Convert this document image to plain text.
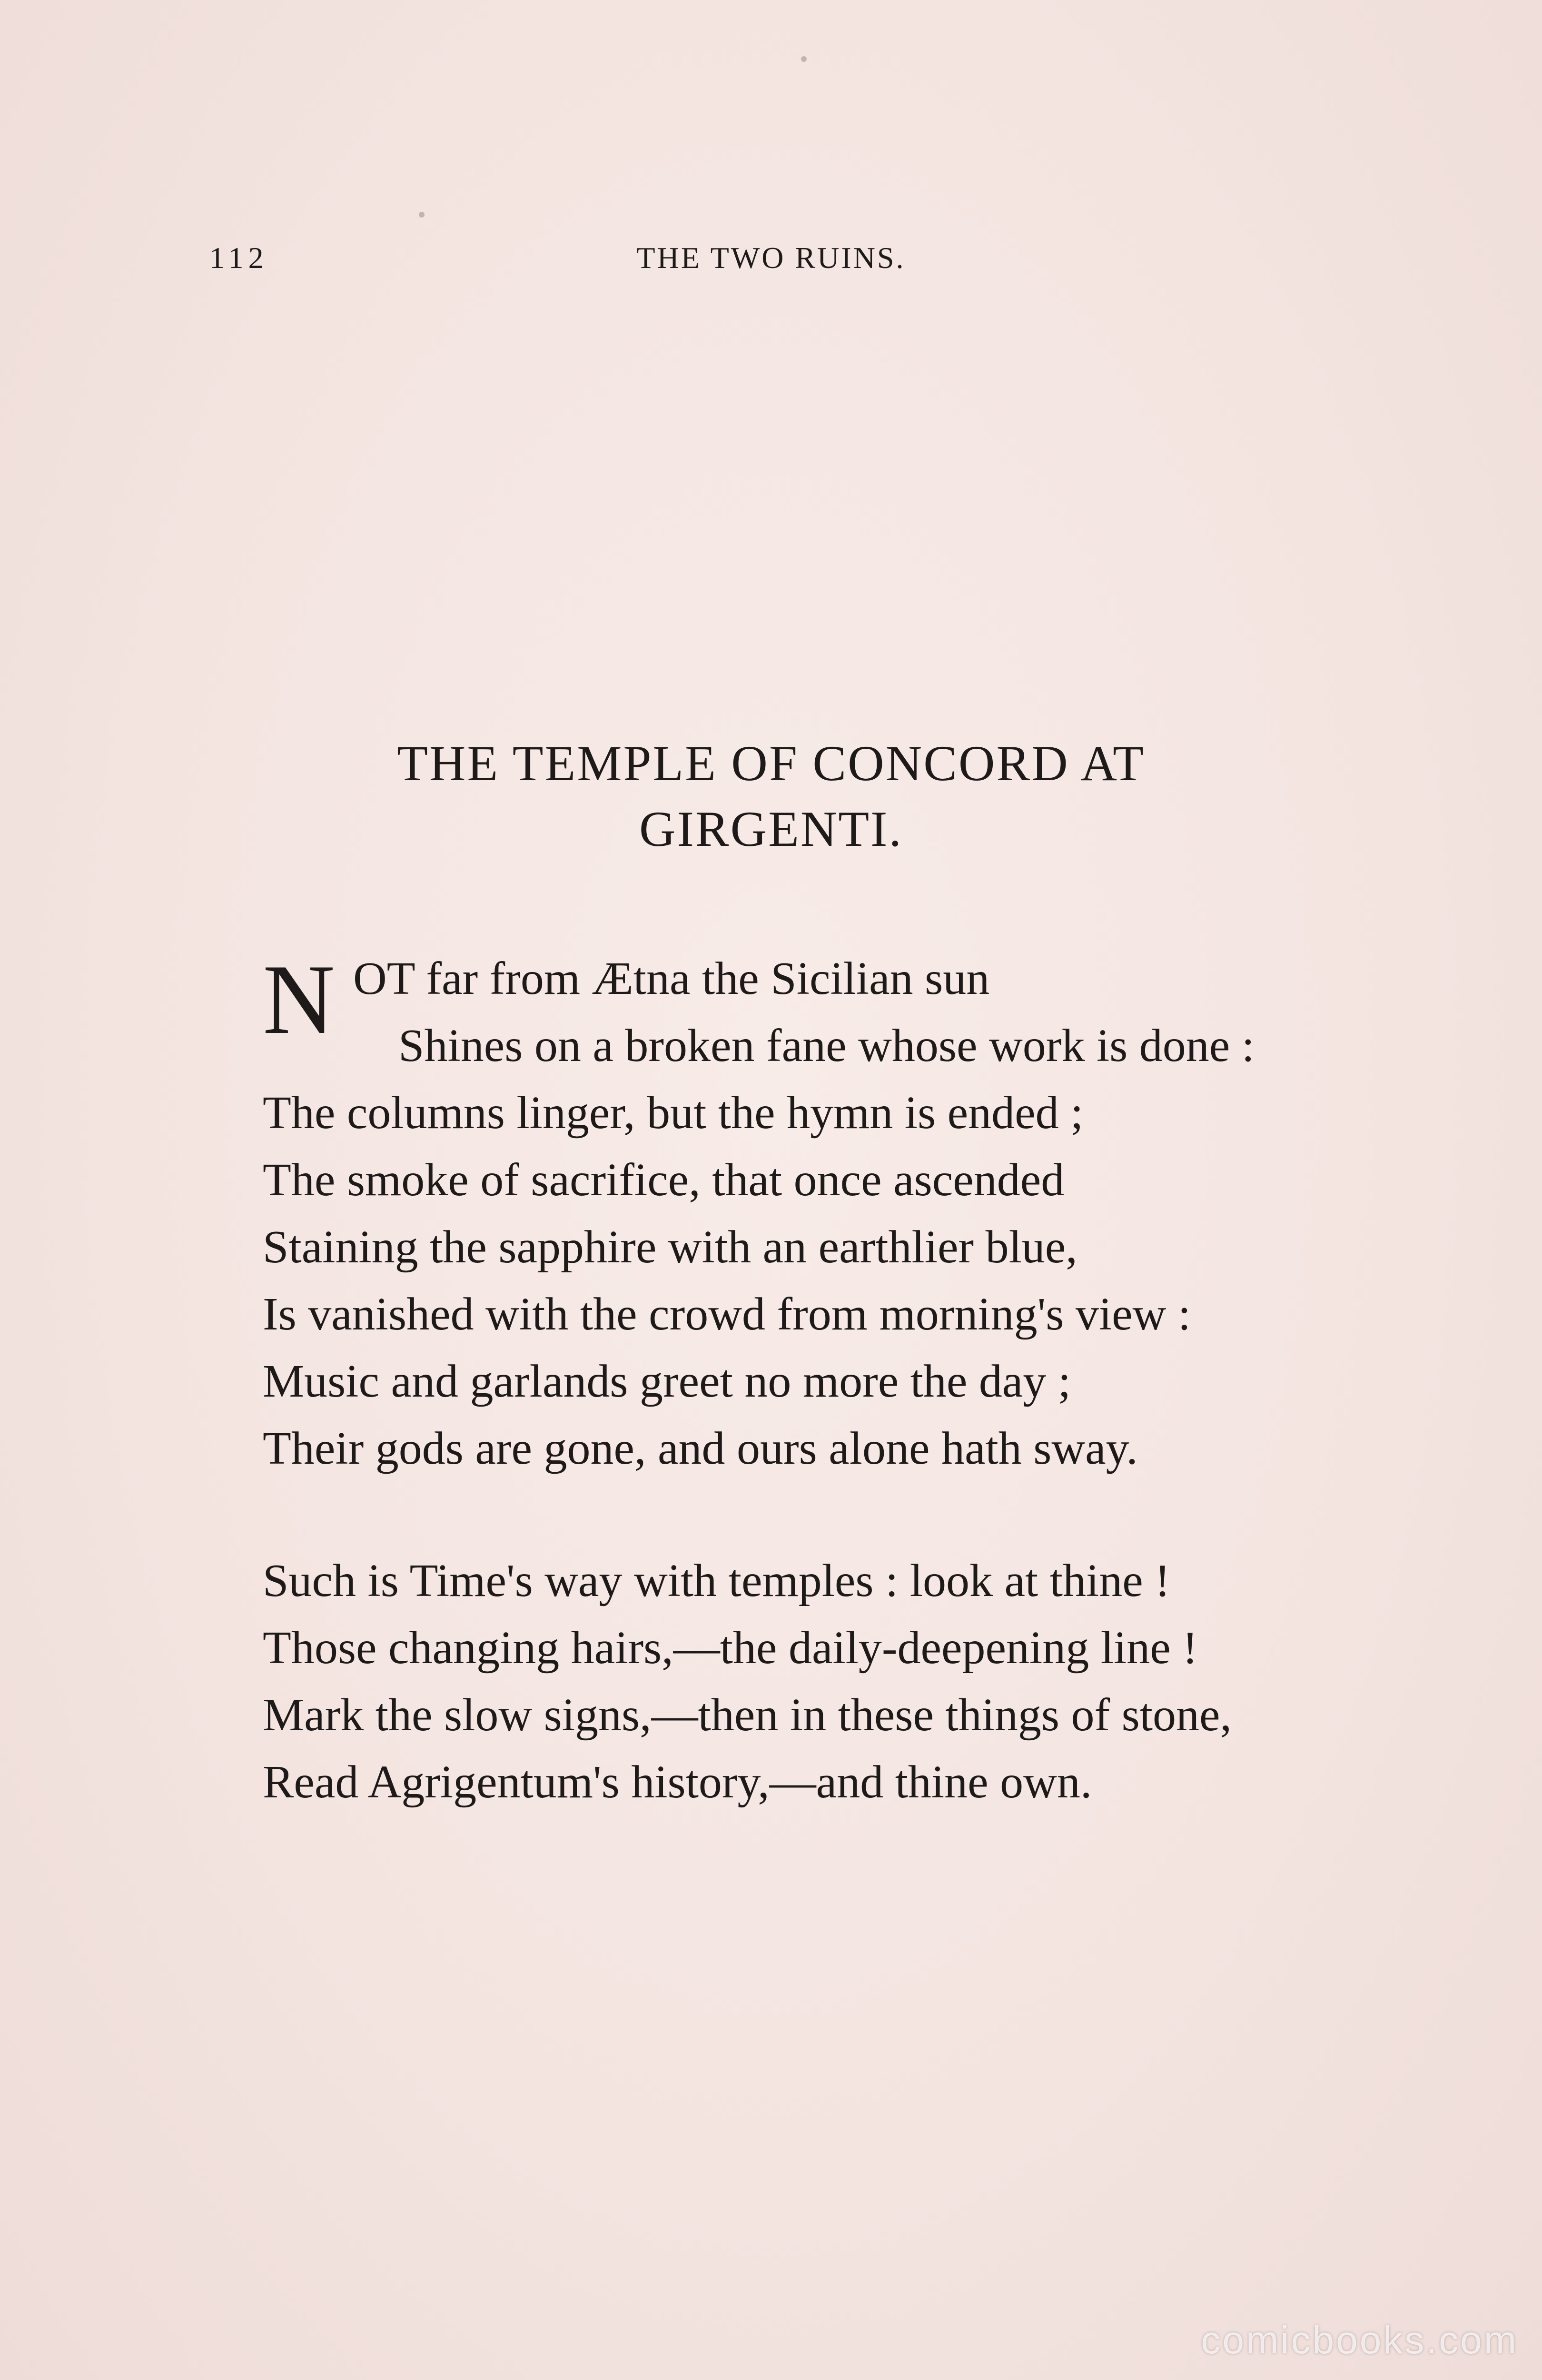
112	THE TWO RUINS.
THE TEMPLE OF CONCORD AT
GIRGENTI.
N OT far from Ætna the Sicilian sun
Shines on a broken fane whose work is done :
The columns linger, but the hymn is ended ;
The smoke of sacrifice, that once ascended
Staining the sapphire with an earthlier blue,
Is vanished with the crowd from morning's view :
Music and garlands greet no more the day ;
Their gods are gone, and ours alone hath sway.
Such is Time's way with temples : look at thine !
Those changing hairs,—the daily-deepening line !
Mark the slow signs,—then in these things of stone,
Read Agrigentum's history,—and thine own.
comicbooks.com
